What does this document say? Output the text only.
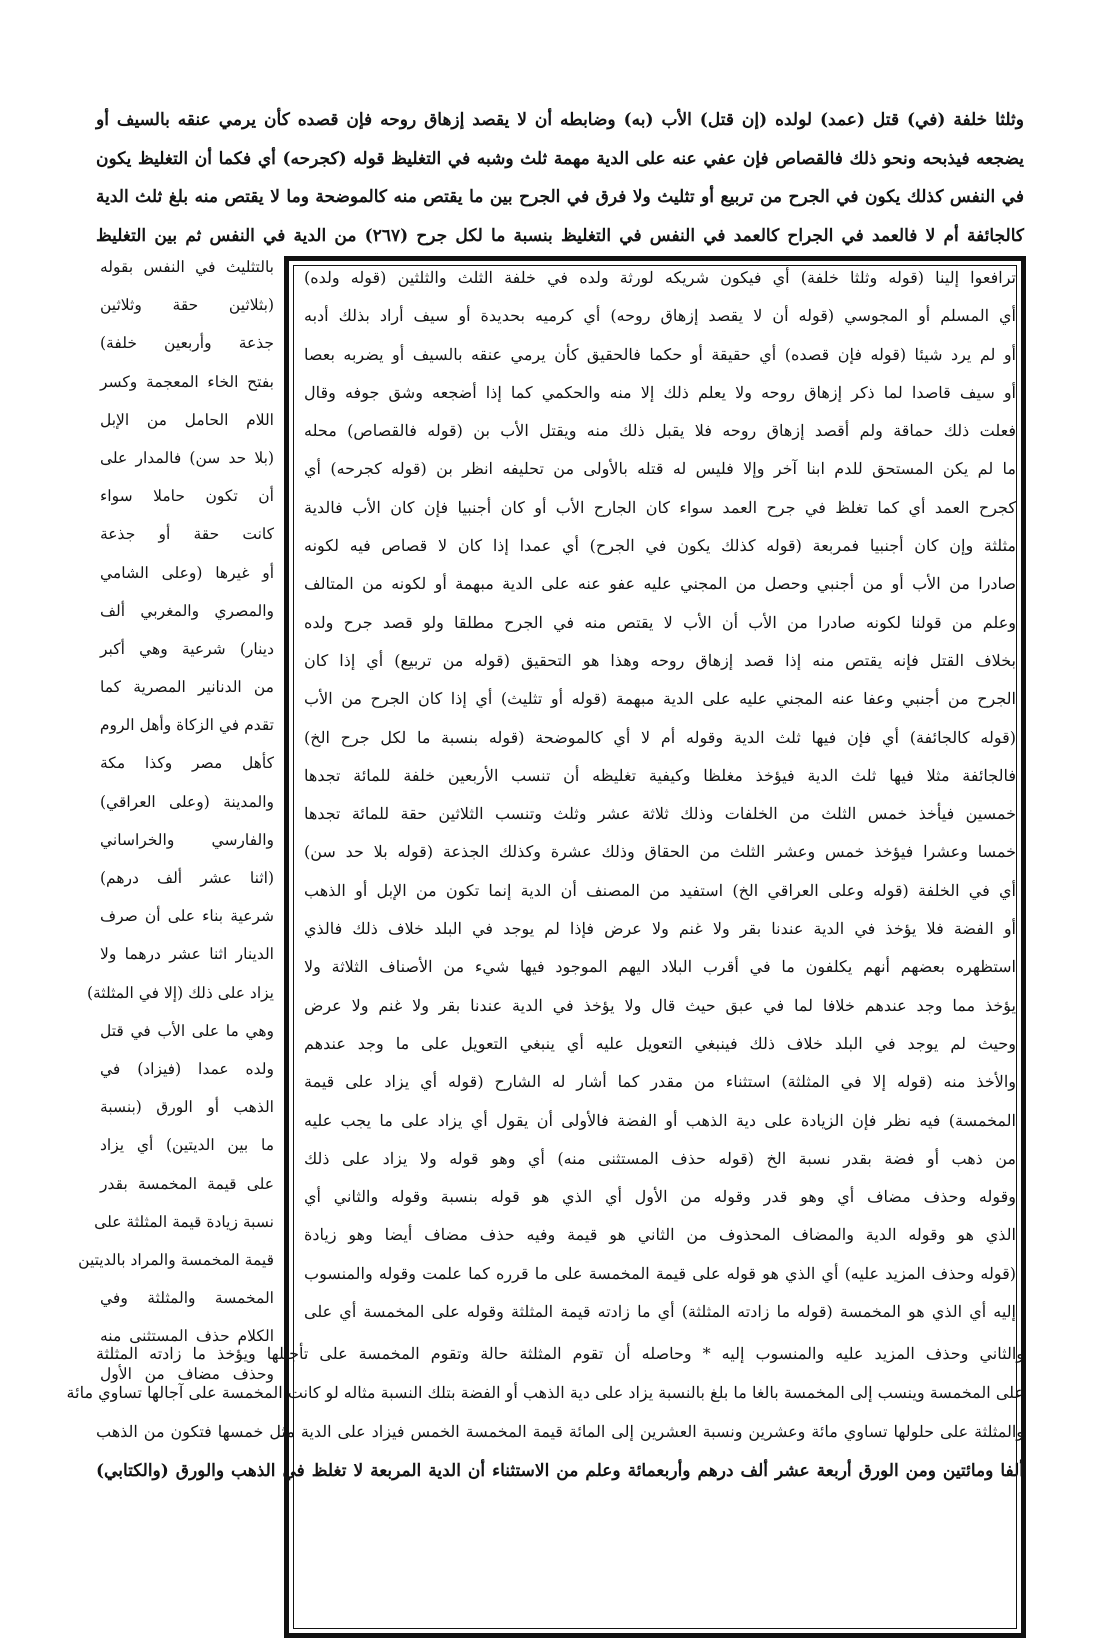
وثلثا خلفة (في) قتل (عمد) لولده (إن قتل) الأب (به) وضابطه أن لا يقصد إزهاق روحه فإن قصده كأن يرمي عنقه بالسيف أو
يضجعه فيذبحه ونحو ذلك فالقصاص فإن عفي عنه على الدية مهمة ثلث وشبه في التغليظ قوله (كجرحه) أي فكما أن التغليظ يكون
في النفس كذلك يكون في الجرح من تربيع أو تثليث ولا فرق في الجرح بين ما يقتص منه كالموضحة وما لا يقتص منه بلغ ثلث الدية
كالجائفة أم لا فالعمد في الجراح كالعمد في النفس في التغليظ بنسبة ما لكل جرح (٢٦٧) من الدية في النفس ثم بين التغليظ
ترافعوا إلينا (قوله وثلثا خلفة) أي فيكون شريكه لورثة ولده في خلفة الثلث والثلثين (قوله ولده)
أي المسلم أو المجوسي (قوله أن لا يقصد إزهاق روحه) أي كرميه بحديدة أو سيف أراد بذلك أدبه
أو لم يرد شيئا (قوله فإن قصده) أي حقيقة أو حكما فالحقيق كأن يرمي عنقه بالسيف أو يضربه بعصا
أو سيف قاصدا لما ذكر إزهاق روحه ولا يعلم ذلك إلا منه والحكمي كما إذا أضجعه وشق جوفه وقال
فعلت ذلك حماقة ولم أقصد إزهاق روحه فلا يقبل ذلك منه ويقتل الأب بن (قوله فالقصاص) محله
ما لم يكن المستحق للدم ابنا آخر وإلا فليس له قتله بالأولى من تحليفه انظر بن (قوله كجرحه) أي
كجرح العمد أي كما تغلظ في جرح العمد سواء كان الجارح الأب أو كان أجنبيا فإن كان الأب فالدية
مثلثة وإن كان أجنبيا فمربعة (قوله كذلك يكون في الجرح) أي عمدا إذا كان لا قصاص فيه لكونه
صادرا من الأب أو من أجنبي وحصل من المجني عليه عفو عنه على الدية مبهمة أو لكونه من المتالف
وعلم من قولنا لكونه صادرا من الأب أن الأب لا يقتص منه في الجرح مطلقا ولو قصد جرح ولده
بخلاف القتل فإنه يقتص منه إذا قصد إزهاق روحه وهذا هو التحقيق (قوله من تربيع) أي إذا كان
الجرح من أجنبي وعفا عنه المجني عليه على الدية مبهمة (قوله أو تثليث) أي إذا كان الجرح من الأب
(قوله كالجائفة) أي فإن فيها ثلث الدية وقوله أم لا أي كالموضحة (قوله بنسبة ما لكل جرح الخ)
فالجائفة مثلا فيها ثلث الدية فيؤخذ مغلظا وكيفية تغليظه أن تنسب الأربعين خلفة للمائة تجدها
خمسين فيأخذ خمس الثلث من الخلفات وذلك ثلاثة عشر وثلث وتنسب الثلاثين حقة للمائة تجدها
خمسا وعشرا فيؤخذ خمس وعشر الثلث من الحقاق وذلك عشرة وكذلك الجذعة (قوله بلا حد سن)
أي في الخلفة (قوله وعلى العراقي الخ) استفيد من المصنف أن الدية إنما تكون من الإبل أو الذهب
أو الفضة فلا يؤخذ في الدية عندنا بقر ولا غنم ولا عرض فإذا لم يوجد في البلد خلاف ذلك فالذي
استظهره بعضهم أنهم يكلفون ما في أقرب البلاد اليهم الموجود فيها شيء من الأصناف الثلاثة ولا
يؤخذ مما وجد عندهم خلافا لما في عبق حيث قال ولا يؤخذ في الدية عندنا بقر ولا غنم ولا عرض
وحيث لم يوجد في البلد خلاف ذلك فينبغي التعويل عليه أي ينبغي التعويل على ما وجد عندهم
والأخذ منه (قوله إلا في المثلثة) استثناء من مقدر كما أشار له الشارح (قوله أي يزاد على قيمة
المخمسة) فيه نظر فإن الزيادة على دية الذهب أو الفضة فالأولى أن يقول أي يزاد على ما يجب عليه
من ذهب أو فضة بقدر نسبة الخ (قوله حذف المستثنى منه) أي وهو قوله ولا يزاد على ذلك
وقوله وحذف مضاف أي وهو قدر وقوله من الأول أي الذي هو قوله بنسبة وقوله والثاني أي
الذي هو وقوله الدية والمضاف المحذوف من الثاني هو قيمة وفيه حذف مضاف أيضا وهو زيادة
(قوله وحذف المزيد عليه) أي الذي هو قوله على قيمة المخمسة على ما قرره كما علمت وقوله والمنسوب
إليه أي الذي هو المخمسة (قوله ما زادته المثلثة) أي ما زادته قيمة المثلثة وقوله على المخمسة أي على
بالتثليث في النفس بقوله
(بثلاثين حقة وثلاثين
جذعة وأربعين خلفة)
بفتح الخاء المعجمة وكسر
اللام الحامل من الإبل
(بلا حد سن) فالمدار على
أن تكون حاملا سواء
كانت حقة أو جذعة
أو غيرها (وعلى الشامي
والمصري والمغربي ألف
دينار) شرعية وهي أكبر
من الدنانير المصرية كما
تقدم في الزكاة وأهل الروم
كأهل مصر وكذا مكة
والمدينة (وعلى العراقي)
والفارسي والخراساني
(اثنا عشر ألف درهم)
شرعية بناء على أن صرف
الدينار اثنا عشر درهما ولا
يزاد على ذلك (إلا في المثلثة)
وهي ما على الأب في قتل
ولده عمدا (فيزاد) في
الذهب أو الورق (بنسبة
ما بين الديتين) أي يزاد
على قيمة المخمسة بقدر
نسبة زيادة قيمة المثلثة على
قيمة المخمسة والمراد بالديتين
المخمسة والمثلثة وفي
الكلام حذف المستثنى منه
وحذف مضاف من الأول
والثاني وحذف المزيد عليه والمنسوب إليه * وحاصله أن تقوم المثلثة حالة وتقوم المخمسة على تأجيلها ويؤخذ ما زادته المثلثة
على المخمسة وينسب إلى المخمسة بالغا ما بلغ بالنسبة يزاد على دية الذهب أو الفضة بتلك النسبة مثاله لو كانت المخمسة على آجالها تساوي مائة
والمثلثة على حلولها تساوي مائة وعشرين ونسبة العشرين إلى المائة قيمة المخمسة الخمس فيزاد على الدية مثل خمسها فتكون من الذهب
ألفا ومائتين ومن الورق أربعة عشر ألف درهم وأربعمائة وعلم من الاستثناء أن الدية المربعة لا تغلظ في الذهب والورق (والكتابي)
